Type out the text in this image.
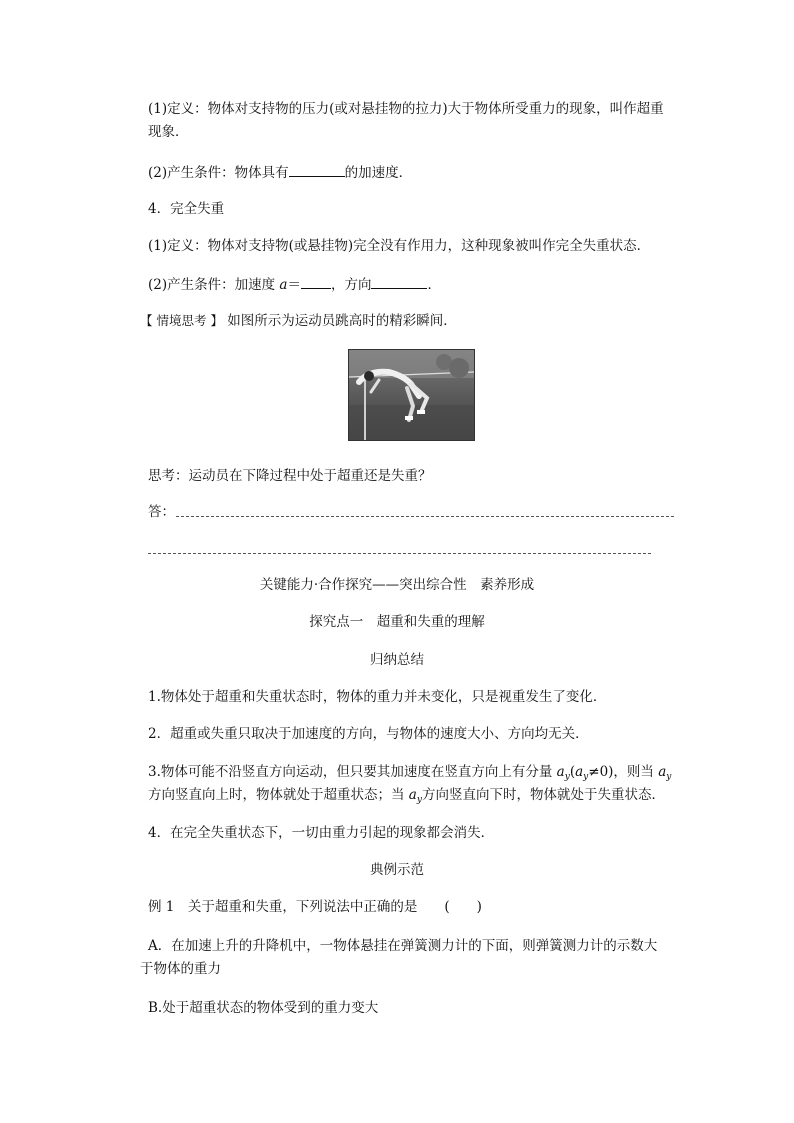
(1)定义：物体对支持物的压力(或对悬挂物的拉力)大于物体所受重力的现象，叫作超重
现象．
(2)产生条件：物体具有	的加速度．
4．完全失重
(1)定义：物体对支持物(或悬挂物)完全没有作用力，这种现象被叫作完全失重状态．
(2)产生条件：加速度 a＝ ，方向	．
【 情境思考 】 如图所示为运动员跳高时的精彩瞬间．
思考：运动员在下降过程中处于超重还是失重？
答：
关键能力·合作探究——突出综合性　素养形成
探究点一　超重和失重的理解
归纳总结
1.物体处于超重和失重状态时，物体的重力并未变化，只是视重发生了变化．
2．超重或失重只取决于加速度的方向，与物体的速度大小、方向均无关．
3.物体可能不沿竖直方向运动，但只要其加速度在竖直方向上有分量 $a_y(a_y\ne 0)$，则当 $a_y$
方向竖直向上时，物体就处于超重状态；当 $a_y$方向竖直向下时，物体就处于失重状态．
4．在完全失重状态下，一切由重力引起的现象都会消失．
典例示范
例 1　关于超重和失重，下列说法中正确的是　　(　　)
A．在加速上升的升降机中，一物体悬挂在弹簧测力计的下面，则弹簧测力计的示数大
于物体的重力
B.处于超重状态的物体受到的重力变大
